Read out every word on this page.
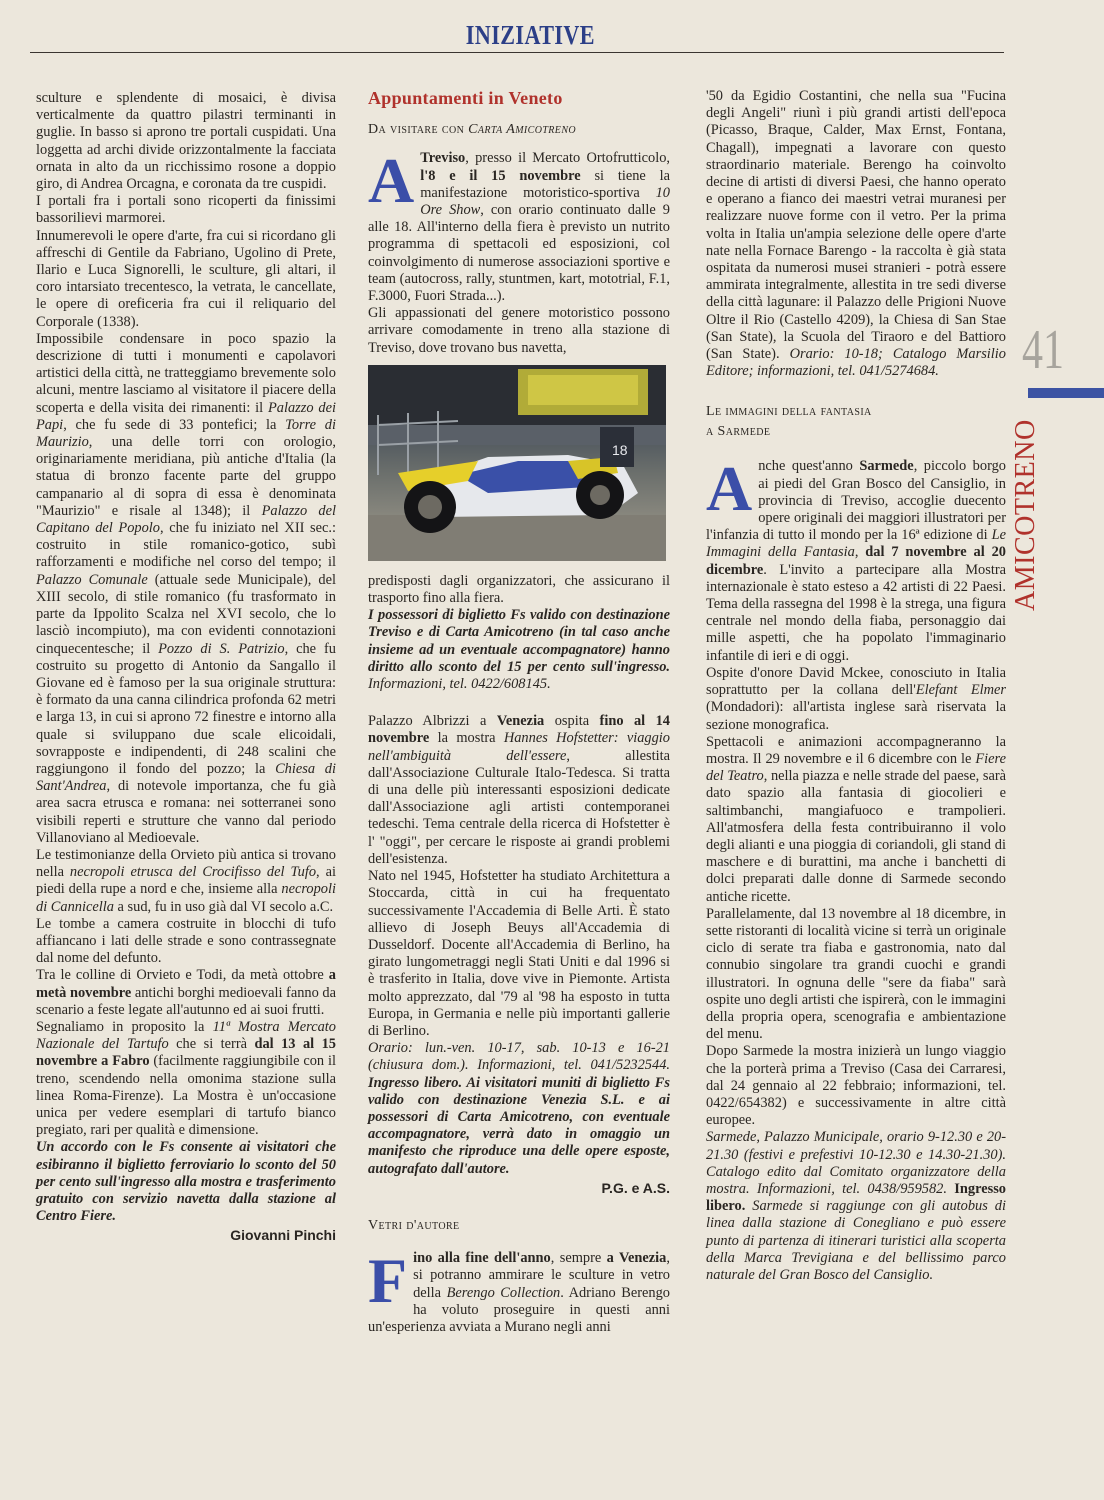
INIZIATIVE

sculture e splendente di mosaici, è divisa verticalmente da quattro pilastri terminanti in guglie. In basso si aprono tre portali cuspidati. Una loggetta ad archi divide orizzontalmente la facciata ornata in alto da un ricchissimo rosone a doppio giro, di Andrea Orcagna, e coronata da tre cuspidi.

I portali fra i portali sono ricoperti da finissimi bassorilievi marmorei.

Innumerevoli le opere d'arte, fra cui si ricordano gli affreschi di Gentile da Fabriano, Ugolino di Prete, Ilario e Luca Signorelli, le sculture, gli altari, il coro intarsiato trecentesco, la vetrata, le cancellate, le opere di oreficeria fra cui il reliquario del Corporale (1338).

Impossibile condensare in poco spazio la descrizione di tutti i monumenti e capolavori artistici della città, ne tratteggiamo brevemente solo alcuni, mentre lasciamo al visitatore il piacere della scoperta e della visita dei rimanenti: il Palazzo dei Papi, che fu sede di 33 pontefici; la Torre di Maurizio, una delle torri con orologio, originariamente meridiana, più antiche d'Italia (la statua di bronzo facente parte del gruppo campanario al di sopra di essa è denominata "Maurizio" e risale al 1348); il Palazzo del Capitano del Popolo, che fu iniziato nel XII sec.: costruito in stile romanico-gotico, subì rafforzamenti e modifiche nel corso del tempo; il Palazzo Comunale (attuale sede Municipale), del XIII secolo, di stile romanico (fu trasformato in parte da Ippolito Scalza nel XVI secolo, che lo lasciò incompiuto), ma con evidenti connotazioni cinquecentesche; il Pozzo di S. Patrizio, che fu costruito su progetto di Antonio da Sangallo il Giovane ed è famoso per la sua originale struttura: è formato da una canna cilindrica profonda 62 metri e larga 13, in cui si aprono 72 finestre e intorno alla quale si sviluppano due scale elicoidali, sovrapposte e indipendenti, di 248 scalini che raggiungono il fondo del pozzo; la Chiesa di Sant'Andrea, di notevole importanza, che fu già area sacra etrusca e romana: nei sotterranei sono visibili reperti e strutture che vanno dal periodo Villanoviano al Medioevale.

Le testimonianze della Orvieto più antica si trovano nella necropoli etrusca del Crocifisso del Tufo, ai piedi della rupe a nord e che, insieme alla necropoli di Cannicella a sud, fu in uso già dal VI secolo a.C.

Le tombe a camera costruite in blocchi di tufo affiancano i lati delle strade e sono contrassegnate dal nome del defunto.

Tra le colline di Orvieto e Todi, da metà ottobre a metà novembre antichi borghi medioevali fanno da scenario a feste legate all'autunno ed ai suoi frutti.

Segnaliamo in proposito la 11ª Mostra Mercato Nazionale del Tartufo che si terrà dal 13 al 15 novembre a Fabro (facilmente raggiungibile con il treno, scendendo nella omonima stazione sulla linea Roma-Firenze). La Mostra è un'occasione unica per vedere esemplari di tartufo bianco pregiato, rari per qualità e dimensione.

Un accordo con le Fs consente ai visitatori che esibiranno il biglietto ferroviario lo sconto del 50 per cento sull'ingresso alla mostra e trasferimento gratuito con servizio navetta dalla stazione al Centro Fiere.

Giovanni Pinchi
Appuntamenti in Veneto
Da visitare con Carta Amicotreno

A Treviso, presso il Mercato Ortofrutticolo, l'8 e il 15 novembre si tiene la manifestazione motoristico-sportiva 10 Ore Show, con orario continuato dalle 9 alle 18. All'interno della fiera è previsto un nutrito programma di spettacoli ed esposizioni, col coinvolgimento di numerose associazioni sportive e team (autocross, rally, stuntmen, kart, mototrial, F.1, F.3000, Fuori Strada...).

Gli appassionati del genere motoristico possono arrivare comodamente in treno alla stazione di Treviso, dove trovano bus navetta,

18

predisposti dagli organizzatori, che assicurano il trasporto fino alla fiera.

I possessori di biglietto Fs valido con destinazione Treviso e di Carta Amicotreno (in tal caso anche insieme ad un eventuale accompagnatore) hanno diritto allo sconto del 15 per cento sull'ingresso. Informazioni, tel. 0422/608145.

Palazzo Albrizzi a Venezia ospita fino al 14 novembre la mostra Hannes Hofstetter: viaggio nell'ambiguità dell'essere, allestita dall'Associazione Culturale Italo-Tedesca. Si tratta di una delle più interessanti esposizioni dedicate dall'Associazione agli artisti contemporanei tedeschi. Tema centrale della ricerca di Hofstetter è l' "oggi", per cercare le risposte ai grandi problemi dell'esistenza.

Nato nel 1945, Hofstetter ha studiato Architettura a Stoccarda, città in cui ha frequentato successivamente l'Accademia di Belle Arti. È stato allievo di Joseph Beuys all'Accademia di Dusseldorf. Docente all'Accademia di Berlino, ha girato lungometraggi negli Stati Uniti e dal 1996 si è trasferito in Italia, dove vive in Piemonte. Artista molto apprezzato, dal '79 al '98 ha esposto in tutta Europa, in Germania e nelle più importanti gallerie di Berlino.

Orario: lun.-ven. 10-17, sab. 10-13 e 16-21 (chiusura dom.). Informazioni, tel. 041/5232544. Ingresso libero. Ai visitatori muniti di biglietto Fs valido con destinazione Venezia S.L. e ai possessori di Carta Amicotreno, con eventuale accompagnatore, verrà dato in omaggio un manifesto che riproduce una delle opere esposte, autografato dall'autore.

P.G. e A.S.
Vetri d'autore

Fino alla fine dell'anno, sempre a Venezia, si potranno ammirare le sculture in vetro della Berengo Collection. Adriano Berengo ha voluto proseguire in questi anni un'esperienza avviata a Murano negli anni

'50 da Egidio Costantini, che nella sua "Fucina degli Angeli" riunì i più grandi artisti dell'epoca (Picasso, Braque, Calder, Max Ernst, Fontana, Chagall), impegnati a lavorare con questo straordinario materiale. Berengo ha coinvolto decine di artisti di diversi Paesi, che hanno operato e operano a fianco dei maestri vetrai muranesi per realizzare nuove forme con il vetro. Per la prima volta in Italia un'ampia selezione delle opere d'arte nate nella Fornace Barengo - la raccolta è già stata ospitata da numerosi musei stranieri - potrà essere ammirata integralmente, allestita in tre sedi diverse della città lagunare: il Palazzo delle Prigioni Nuove Oltre il Rio (Castello 4209), la Chiesa di San Stae (San State), la Scuola del Tiraoro e del Battioro (San State). Orario: 10-18; Catalogo Marsilio Editore; informazioni, tel. 041/5274684.

Le immagini della fantasia
a Sarmede

Anche quest'anno Sarmede, piccolo borgo ai piedi del Gran Bosco del Cansiglio, in provincia di Treviso, accoglie duecento opere originali dei maggiori illustratori per l'infanzia di tutto il mondo per la 16ª edizione di Le Immagini della Fantasia, dal 7 novembre al 20 dicembre. L'invito a partecipare alla Mostra internazionale è stato esteso a 42 artisti di 22 Paesi. Tema della rassegna del 1998 è la strega, una figura centrale nel mondo della fiaba, personaggio dai mille aspetti, che ha popolato l'immaginario infantile di ieri e di oggi.

Ospite d'onore David Mckee, conosciuto in Italia soprattutto per la collana dell'Elefant Elmer (Mondadori): all'artista inglese sarà riservata la sezione monografica.

Spettacoli e animazioni accompagneranno la mostra. Il 29 novembre e il 6 dicembre con le Fiere del Teatro, nella piazza e nelle strade del paese, sarà dato spazio alla fantasia di giocolieri e saltimbanchi, mangiafuoco e trampolieri. All'atmosfera della festa contribuiranno il volo degli alianti e una pioggia di coriandoli, gli stand di maschere e di burattini, ma anche i banchetti di dolci preparati dalle donne di Sarmede secondo antiche ricette.

Parallelamente, dal 13 novembre al 18 dicembre, in sette ristoranti di località vicine si terrà un originale ciclo di serate tra fiaba e gastronomia, nato dal connubio singolare tra grandi cuochi e grandi illustratori. In ognuna delle "sere da fiaba" sarà ospite uno degli artisti che ispirerà, con le immagini della propria opera, scenografia e ambientazione del menu.

Dopo Sarmede la mostra inizierà un lungo viaggio che la porterà prima a Treviso (Casa dei Carraresi, dal 24 gennaio al 22 febbraio; informazioni, tel. 0422/654382) e successivamente in altre città europee.

Sarmede, Palazzo Municipale, orario 9-12.30 e 20-21.30 (festivi e prefestivi 10-12.30 e 14.30-21.30). Catalogo edito dal Comitato organizzatore della mostra. Informazioni, tel. 0438/959582. Ingresso libero. Sarmede si raggiunge con gli autobus di linea dalla stazione di Conegliano e può essere punto di partenza di itinerari turistici alla scoperta della Marca Trevigiana e del bellissimo parco naturale del Gran Bosco del Cansiglio.

41
AMICOTRENO
